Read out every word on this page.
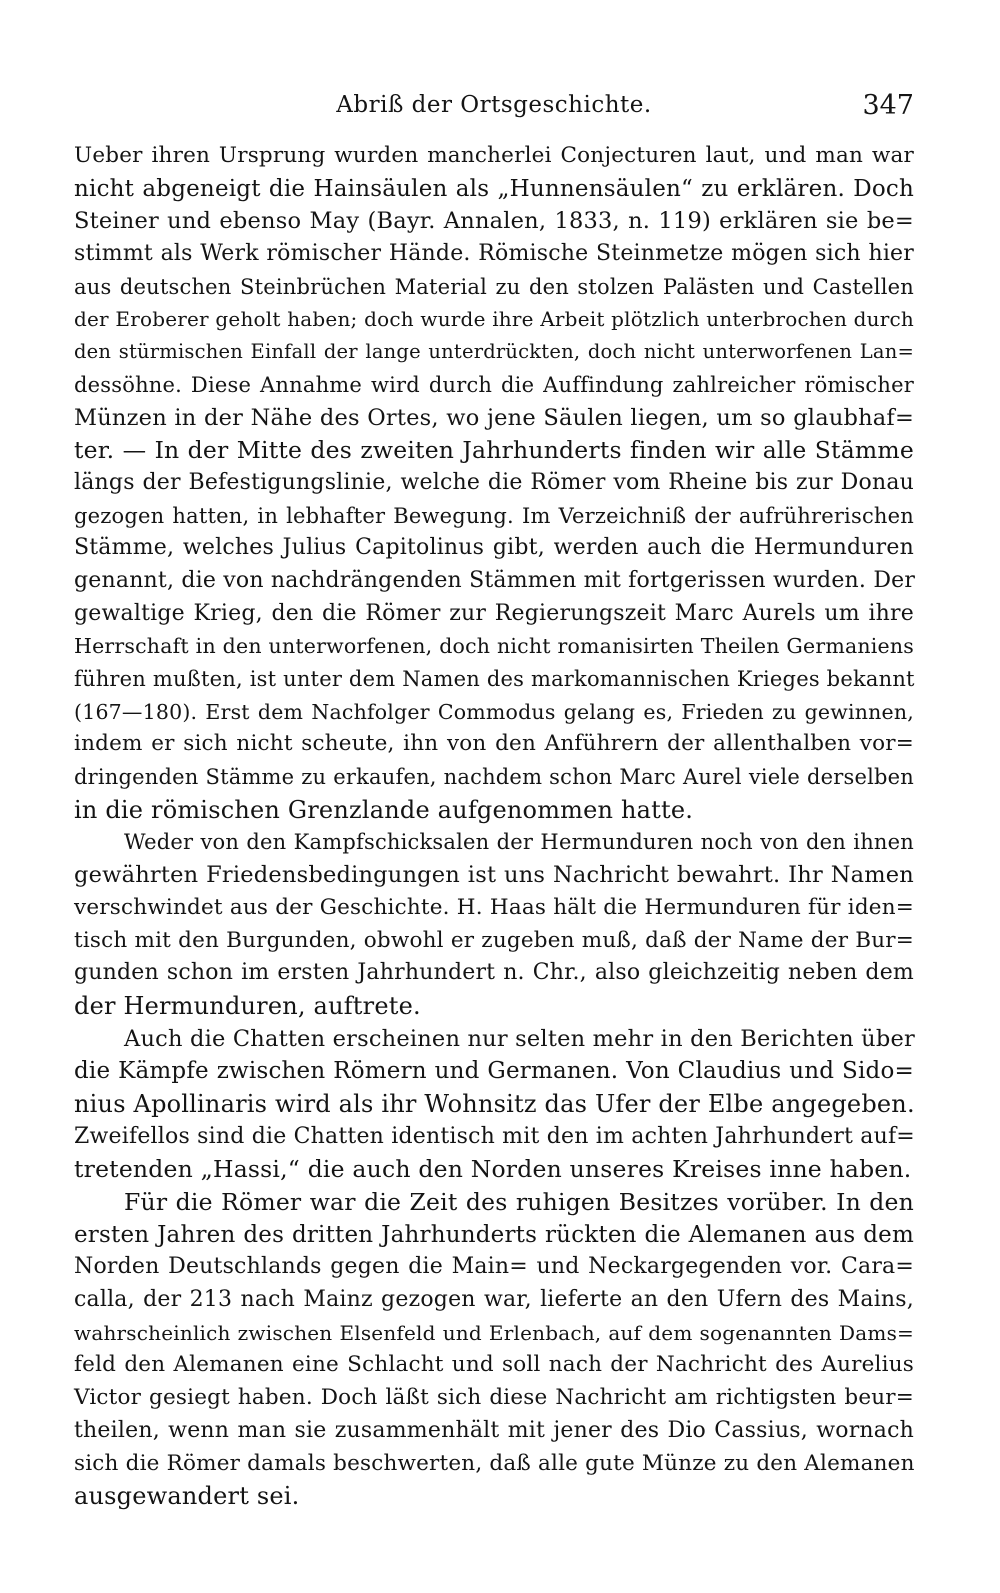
Abriß der Ortsgeschichte.	347
Ueber ihren Ursprung wurden mancherlei Conjecturen laut, und man war
nicht abgeneigt die Hainsäulen als „Hunnensäulen“ zu erklären. Doch
Steiner und ebenso May (Bayr. Annalen, 1833, n. 119) erklären sie be=
stimmt als Werk römischer Hände. Römische Steinmetze mögen sich hier
aus deutschen Steinbrüchen Material zu den stolzen Palästen und Castellen
der Eroberer geholt haben; doch wurde ihre Arbeit plötzlich unterbrochen durch
den stürmischen Einfall der lange unterdrückten, doch nicht unterworfenen Lan=
dessöhne. Diese Annahme wird durch die Auffindung zahlreicher römischer
Münzen in der Nähe des Ortes, wo jene Säulen liegen, um so glaubhaf=
ter. — In der Mitte des zweiten Jahrhunderts finden wir alle Stämme
längs der Befestigungslinie, welche die Römer vom Rheine bis zur Donau
gezogen hatten, in lebhafter Bewegung. Im Verzeichniß der aufrührerischen
Stämme, welches Julius Capitolinus gibt, werden auch die Hermunduren
genannt, die von nachdrängenden Stämmen mit fortgerissen wurden. Der
gewaltige Krieg, den die Römer zur Regierungszeit Marc Aurels um ihre
Herrschaft in den unterworfenen, doch nicht romanisirten Theilen Germaniens
führen mußten, ist unter dem Namen des markomannischen Krieges bekannt
(167—180). Erst dem Nachfolger Commodus gelang es, Frieden zu gewinnen,
indem er sich nicht scheute, ihn von den Anführern der allenthalben vor=
dringenden Stämme zu erkaufen, nachdem schon Marc Aurel viele derselben
in die römischen Grenzlande aufgenommen hatte.
Weder von den Kampfschicksalen der Hermunduren noch von den ihnen
gewährten Friedensbedingungen ist uns Nachricht bewahrt. Ihr Namen
verschwindet aus der Geschichte. H. Haas hält die Hermunduren für iden=
tisch mit den Burgunden, obwohl er zugeben muß, daß der Name der Bur=
gunden schon im ersten Jahrhundert n. Chr., also gleichzeitig neben dem
der Hermunduren, auftrete.
Auch die Chatten erscheinen nur selten mehr in den Berichten über
die Kämpfe zwischen Römern und Germanen. Von Claudius und Sido=
nius Apollinaris wird als ihr Wohnsitz das Ufer der Elbe angegeben.
Zweifellos sind die Chatten identisch mit den im achten Jahrhundert auf=
tretenden „Hassi,“ die auch den Norden unseres Kreises inne haben.
Für die Römer war die Zeit des ruhigen Besitzes vorüber. In den
ersten Jahren des dritten Jahrhunderts rückten die Alemanen aus dem
Norden Deutschlands gegen die Main= und Neckargegenden vor. Cara=
calla, der 213 nach Mainz gezogen war, lieferte an den Ufern des Mains,
wahrscheinlich zwischen Elsenfeld und Erlenbach, auf dem sogenannten Dams=
feld den Alemanen eine Schlacht und soll nach der Nachricht des Aurelius
Victor gesiegt haben. Doch läßt sich diese Nachricht am richtigsten beur=
theilen, wenn man sie zusammenhält mit jener des Dio Cassius, wornach
sich die Römer damals beschwerten, daß alle gute Münze zu den Alemanen
ausgewandert sei.
